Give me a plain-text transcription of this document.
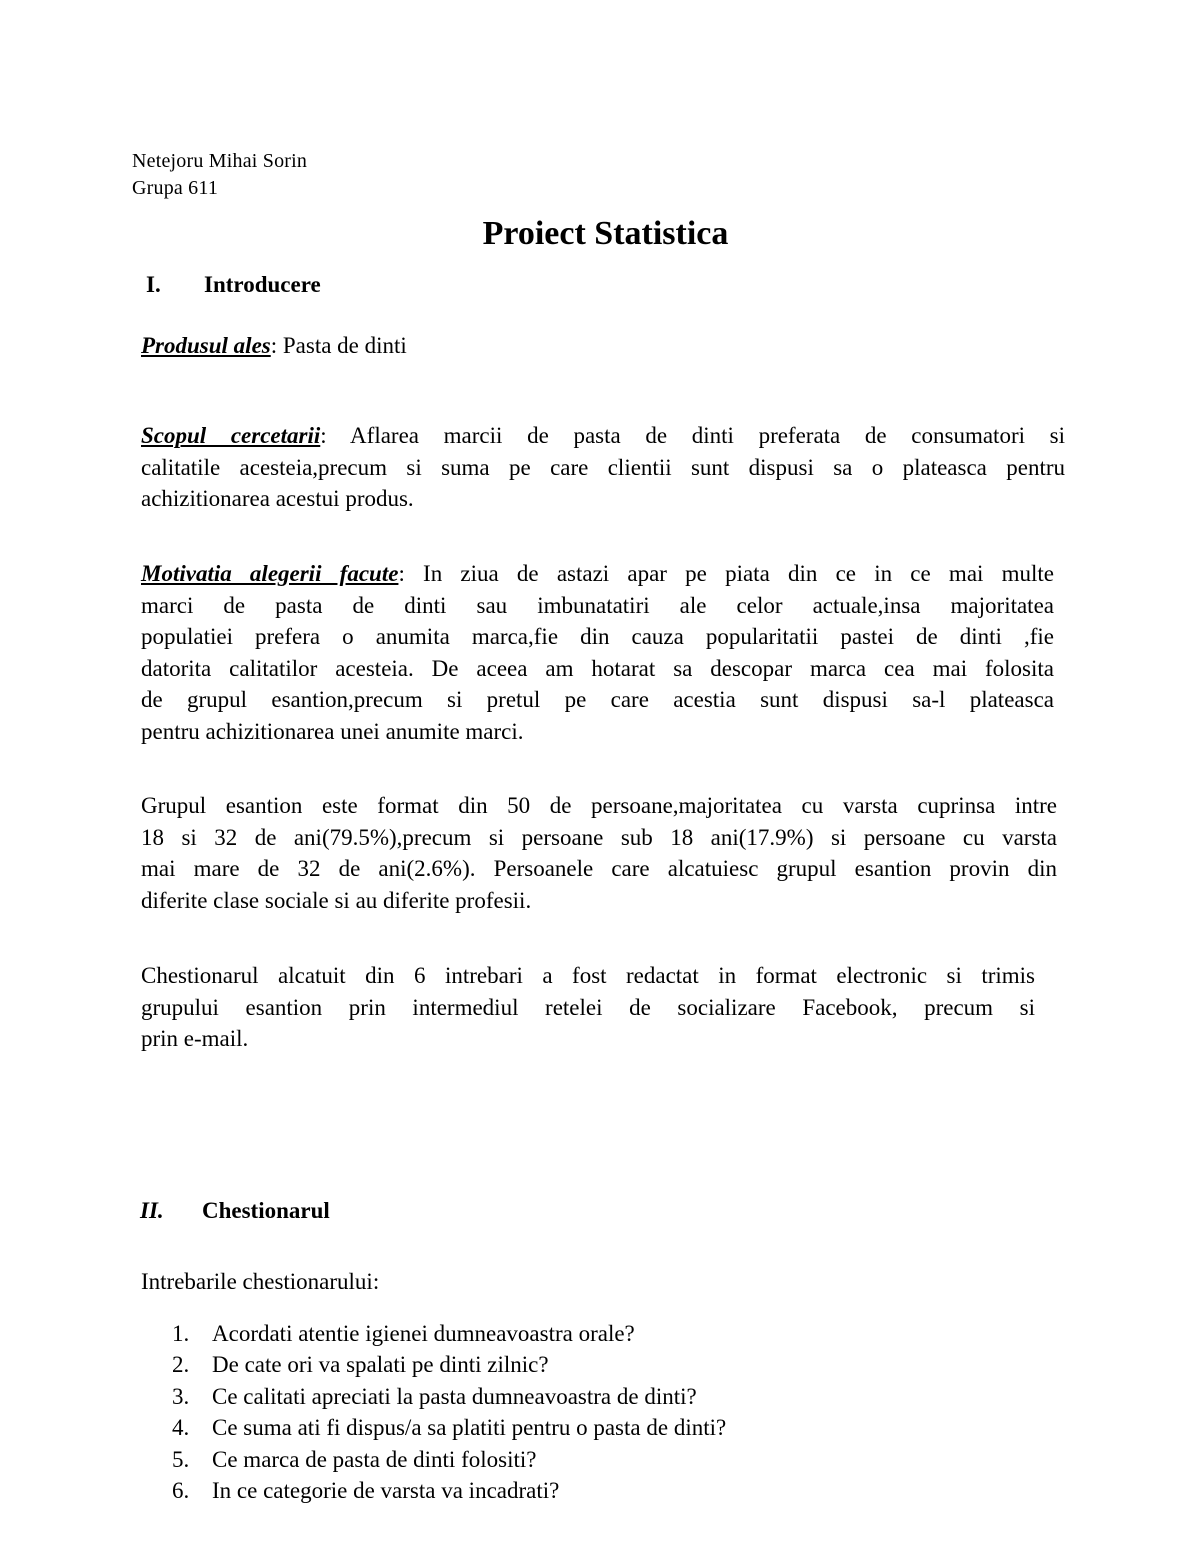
Netejoru Mihai Sorin
Grupa 611
Proiect Statistica
I. Introducere
Produsul ales: Pasta de dinti
Scopul cercetarii: Aflarea marcii de pasta de dinti preferata de consumatori si
calitatile acesteia,precum si suma pe care clientii sunt dispusi sa o plateasca pentru
achizitionarea acestui produs.
Motivatia alegerii facute: In ziua de astazi apar pe piata din ce in ce mai multe
marci de pasta de dinti sau imbunatatiri ale celor actuale,insa majoritatea
populatiei prefera o anumita marca,fie din cauza popularitatii pastei de dinti ,fie
datorita calitatilor acesteia. De aceea am hotarat sa descopar marca cea mai folosita
de grupul esantion,precum si pretul pe care acestia sunt dispusi sa-l plateasca
pentru achizitionarea unei anumite marci.
Grupul esantion este format din 50 de persoane,majoritatea cu varsta cuprinsa intre
18 si 32 de ani(79.5%),precum si persoane sub 18 ani(17.9%) si persoane cu varsta
mai mare de 32 de ani(2.6%). Persoanele care alcatuiesc grupul esantion provin din
diferite clase sociale si au diferite profesii.
Chestionarul alcatuit din 6 intrebari a fost redactat in format electronic si trimis
grupului esantion prin intermediul retelei de socializare Facebook, precum si
prin e-mail.
II. Chestionarul
Intrebarile chestionarului:
1. Acordati atentie igienei dumneavoastra orale?
2. De cate ori va spalati pe dinti zilnic?
3. Ce calitati apreciati la pasta dumneavoastra de dinti?
4. Ce suma ati fi dispus/a sa platiti pentru o pasta de dinti?
5. Ce marca de pasta de dinti folositi?
6. In ce categorie de varsta va incadrati?
